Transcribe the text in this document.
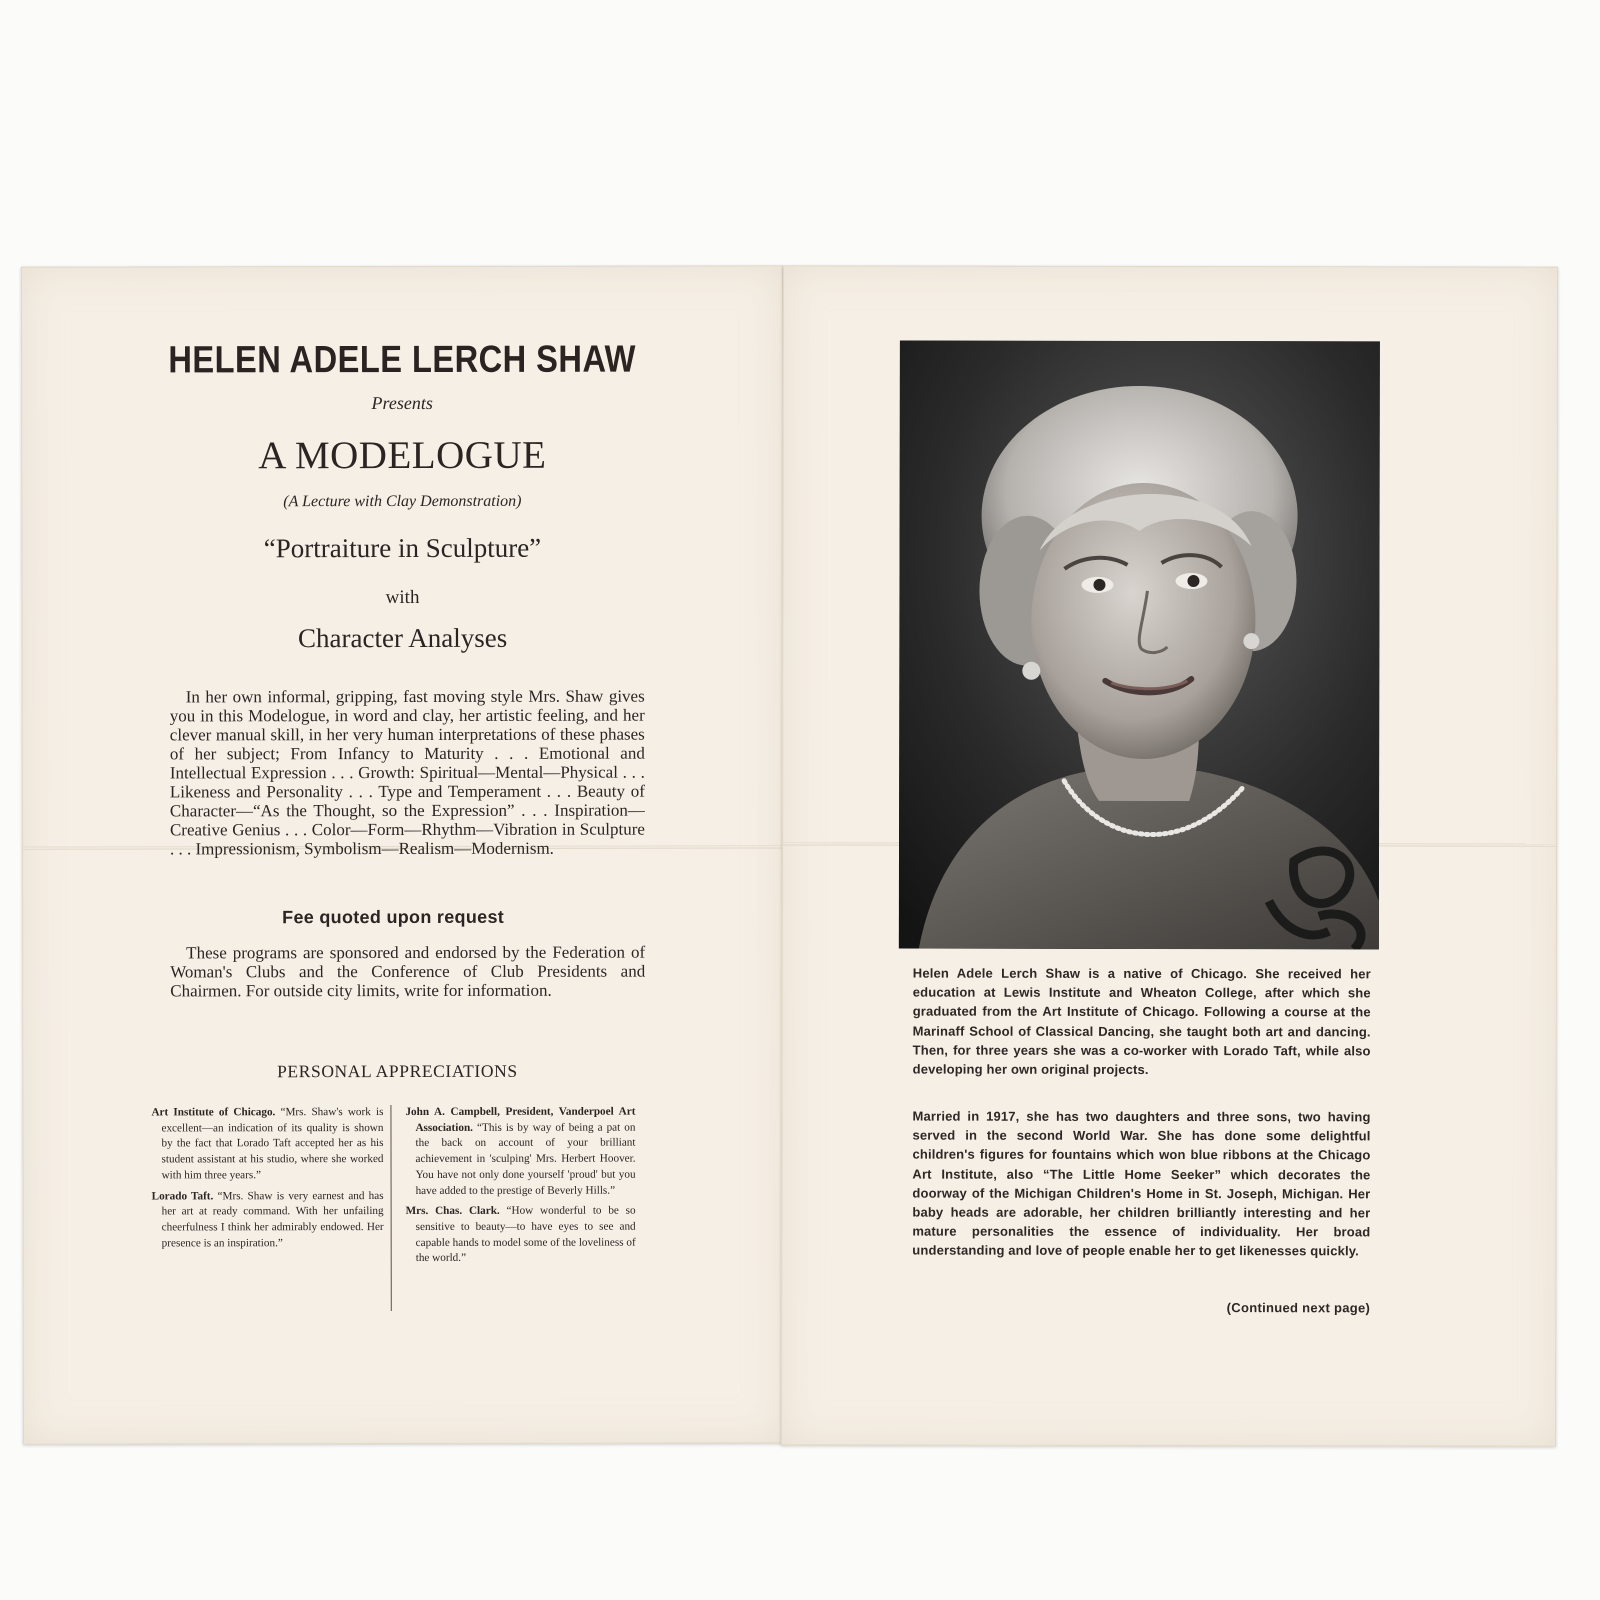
HELEN ADELE LERCH SHAW
Presents
A MODELOGUE
(A Lecture with Clay Demonstration)
“Portraiture in Sculpture”
with
Character Analyses
In her own informal, gripping, fast moving style Mrs. Shaw gives you in this Modelogue, in word and clay, her artistic feeling, and her clever manual skill, in her very human interpretations of these phases of her subject; From Infancy to Maturity . . . Emotional and Intellectual Expression . . . Growth: Spiritual—Mental—Physical . . . Likeness and Personality . . . Type and Temperament . . . Beauty of Character—“As the Thought, so the Expression” . . . Inspiration—Creative Genius . . . Color—Form—Rhythm—Vibration in Sculpture . . . Impressionism, Symbolism—Realism—Modernism.
Fee quoted upon request
These programs are sponsored and endorsed by the Federation of Woman's Clubs and the Conference of Club Presidents and Chairmen. For outside city limits, write for information.
PERSONAL APPRECIATIONS
Art Institute of Chicago. “Mrs. Shaw's work is excellent—an indication of its quality is shown by the fact that Lorado Taft accepted her as his student assistant at his studio, where she worked with him three years.”
Lorado Taft. “Mrs. Shaw is very earnest and has her art at ready command. With her unfailing cheerfulness I think her admirably endowed. Her presence is an inspiration.”
John A. Campbell, President, Vanderpoel Art Association. “This is by way of being a pat on the back on account of your brilliant achievement in 'sculping' Mrs. Herbert Hoover. You have not only done yourself 'proud' but you have added to the prestige of Beverly Hills.”
Mrs. Chas. Clark. “How wonderful to be so sensitive to beauty—to have eyes to see and capable hands to model some of the loveliness of the world.”
Helen Adele Lerch Shaw is a native of Chicago. She received her education at Lewis Institute and Wheaton College, after which she graduated from the Art Institute of Chicago. Following a course at the Marinaff School of Classical Dancing, she taught both art and dancing. Then, for three years she was a co-worker with Lorado Taft, while also developing her own original projects.
Married in 1917, she has two daughters and three sons, two having served in the second World War. She has done some delightful children's figures for fountains which won blue ribbons at the Chicago Art Institute, also “The Little Home Seeker” which decorates the doorway of the Michigan Children's Home in St. Joseph, Michigan. Her baby heads are adorable, her children brilliantly interesting and her mature personalities the essence of individuality. Her broad understanding and love of people enable her to get likenesses quickly.
(Continued next page)
